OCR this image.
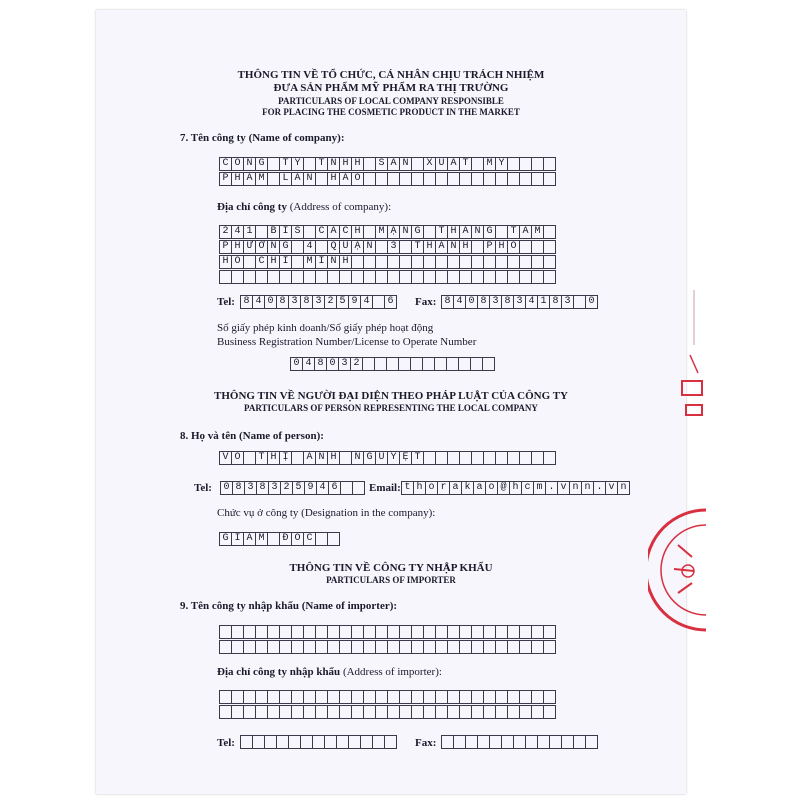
THÔNG TIN VỀ TỔ CHỨC, CÁ NHÂN CHỊU TRÁCH NHIỆM
ĐƯA SẢN PHẨM MỸ PHẨM RA THỊ TRƯỜNG
PARTICULARS OF LOCAL COMPANY RESPONSIBLE
FOR PLACING THE COSMETIC PRODUCT IN THE MARKET
7. Tên công ty (Name of company):
C Ô N G	T Y	T N H H	S Ả N	X U Ấ T	M Ỹ
P H Ẩ M	L A N	H Ả O
Địa chỉ công ty (Address of company):
2 4 1	B I S	C Á C H	M Ạ N G	T H Á N G	T Á M
P H Ư Ờ N G	4	Q U Ậ N	3	T H À N H	P H Ố
H Ồ	C H Í	M I N H
Tel: 8 4 0 8 3 8 3 2 5 9 4	6	Fax: 8 4 0 8 3 8 3 4 1 8 3	0
Số giấy phép kinh doanh/Số giấy phép hoạt động
Business Registration Number/License to Operate Number
0 4 8 0 3 2
THÔNG TIN VỀ NGƯỜI ĐẠI DIỆN THEO PHÁP LUẬT CỦA CÔNG TY
PARTICULARS OF PERSON REPRESENTING THE LOCAL COMPANY
8. Họ và tên (Name of person):
V Õ	T H Ị	Á N H	N G U Y Ệ T
Tel:	0 8 3 8 3 2 5 9 4 6	Email: t h o r a k a o @ h c m . v n n . v n
Chức vụ ở công ty (Designation in the company):
G I Á M	Đ Ố C
THÔNG TIN VỀ CÔNG TY NHẬP KHẨU
PARTICULARS OF IMPORTER
9. Tên công ty nhập khẩu (Name of importer):
Địa chỉ công ty nhập khẩu (Address of importer):
Tel:	Fax:
